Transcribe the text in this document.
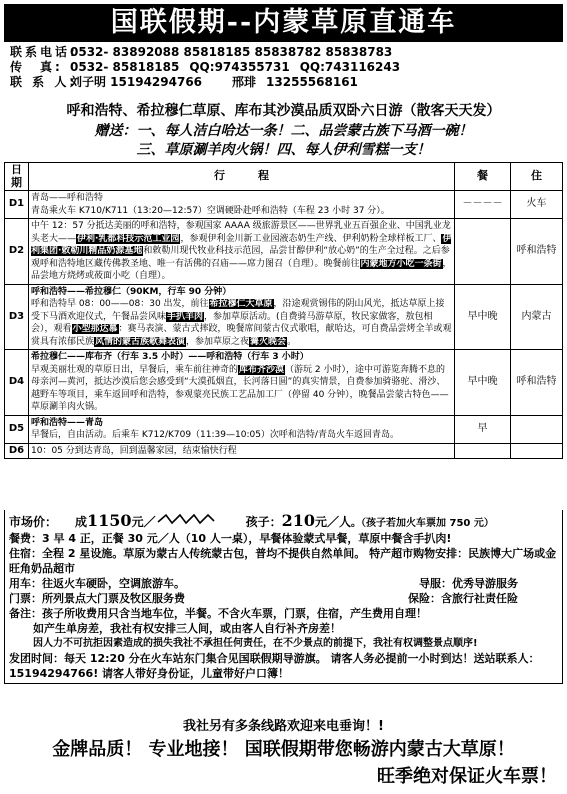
国联假期--内蒙草原直通车
联系电话:
0532- 83892088 85818185 85838782 85838783
传　真: 0532- 85818185 QQ: 974355731 QQ: 743116243
联 系 人:
刘子明 15194294766	邢琲 13255568161
呼和浩特、希拉穆仁草原、库布其沙漠品质双卧六日游（散客天天发）
赠送：一、每人洁白哈达一条！二、品尝蒙古族下马酒一碗！
三、草原涮羊肉火锅！四、每人伊利雪糕一支！
日期	行　　　程	餐	住
D1	青岛——呼和浩特
青岛乘火车 K710/K711（13:20—12:57）空调硬卧赴呼和浩特（车程 23 小时 37 分）。	－－－－	火车
D2	中午 12：57 分抵达美丽的呼和浩特，参观国家 AAAA 级旅游景区——世界乳业五百强企业、中国乳业龙头老大——伊利·乳都科技示范工业园，参观伊利金川新工业园液态奶生产线、伊利奶粉全球样板工厂、伊利集团·敕勒川精品奶源基地和敕勒川现代牧业科技示范园，品尝甘醇伊利“放心奶”的生产全过程。之后参观呼和浩特地区藏传佛教圣地、唯一有活佛的召庙——席力图召（自理）。晚餐前往内蒙地方小吃一条街，品尝地方烧烤或莜面小吃（自理）。		呼和浩特
D3	呼和浩特——希拉穆仁（90KM，行车 90 分钟）
呼和浩特早 08：00——08：30 出发，前往希拉穆仁大草原，沿途观赏锡伟的阴山风光，抵达草原上接受下马酒欢迎仪式，午餐品尝风味手扒羊肉，参加草原活动。(自费骑马游草原，牧民家做客，敖包相会），观看小型那达慕：赛马表演、蒙古式摔跤，晚餐席间蒙古仪式歌唱，献哈达，可自费品尝烤全羊或观赏具有浓郁民族风情的蒙古族歌舞表演，参加草原之夜篝火晚会。	早中晚	内蒙古
D4	希拉穆仁——库布齐（行车 3.5 小时）——呼和浩特（行车 3 小时）
早观美丽壮观的草原日出，早餐后，乘车前往神奇的库布齐沙漠（游玩 2 小时），途中可游览奔腾不息的母亲河—黄河，抵达沙漠后您会感受到“大漠孤烟直，长河落日圆”的真实情景，自费参加骑骆驼、滑沙、越野车等项目，乘车返回呼和浩特，参观蒙亮民族工艺品加工厂（停留 40 分钟），晚餐品尝蒙古特色——草原涮羊肉火锅。	早中晚	呼和浩特
D5	呼和浩特——青岛
早餐后，自由活动。后乘车 K712/K709（11:39—10:05）次呼和浩特/青岛火车返回青岛。	早	
D6	10：05 分到达青岛，回到温馨家园，结束愉快行程		

市场价： 成 1150 元／	孩子： 210 元／人 。（孩子若加火车票加 750 元）
餐费：3 早 4 正，正餐 30 元／人（10 人一桌），早餐体验蒙式早餐，草原中餐含手扒肉!
住宿：全程 2 星设施。草原为蒙古人传统蒙古包，普均不提供自然单间。 特产超市购物安排：民族博大广场或金旺角奶品超市
用车：往返火车硬卧，空调旅游车。	导服：优秀导游服务
门票：所列景点大门票及牧区服务费	保险：含旅行社责任险
备注：孩子所收费用只含当地车位，半餐。不含火车票，门票，住宿，产生费用自理！
如产生单房差，我社有权安排三人间，或由客人自行补齐房差！
因人力不可抗拒因素造成的损失我社不承担任何责任，在不少景点的前提下，我社有权调整景点顺序!
发团时间：每天 12:20 分在火车站东门集合见国联假期导游旗。 请客人务必提前一小时到达！送站联系人：15194294766! 请客人带好身份证，儿童带好户口簿！
我社另有多条线路欢迎来电垂询！!
金牌品质！ 专业地接！ 国联假期带您畅游内蒙古大草原！
旺季绝对保证火车票！
